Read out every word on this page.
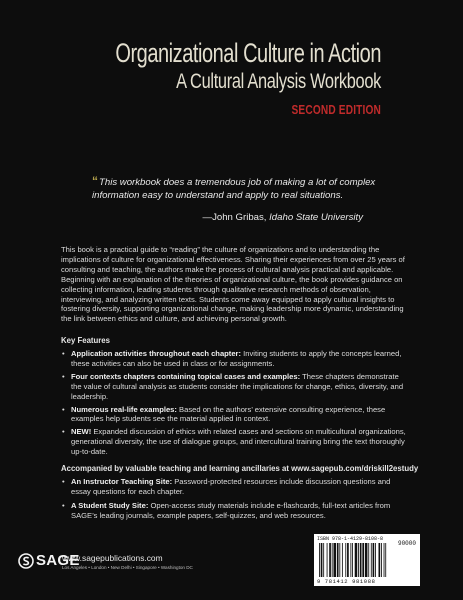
Organizational Culture in Action
A Cultural Analysis Workbook
SECOND EDITION
“This workbook does a tremendous job of making a lot of complex information easy to understand and apply to real situations.
—John Gribas, Idaho State University
This book is a practical guide to “reading” the culture of organizations and to understanding the implications of culture for organizational effectiveness. Sharing their experiences from over 25 years of consulting and teaching, the authors make the process of cultural analysis practical and applicable. Beginning with an explanation of the theories of organizational culture, the book provides guidance on collecting information, leading students through qualitative research methods of observation, interviewing, and analyzing written texts. Students come away equipped to apply cultural insights to fostering diversity, supporting organizational change, making leadership more dynamic, understanding the link between ethics and culture, and achieving personal growth.
Key Features
• Application activities throughout each chapter: Inviting students to apply the concepts learned, these activities can also be used in class or for assignments.
• Four contexts chapters containing topical cases and examples: These chapters demonstrate the value of cultural analysis as students consider the implications for change, ethics, diversity, and leadership.
• Numerous real-life examples: Based on the authors’ extensive consulting experience, these examples help students see the material applied in context.
• NEW! Expanded discussion of ethics with related cases and sections on multicultural organizations, generational diversity, the use of dialogue groups, and intercultural training bring the text thoroughly up-to-date.
Accompanied by valuable teaching and learning ancillaries at www.sagepub.com/driskill2estudy
• An Instructor Teaching Site: Password-protected resources include discussion questions and essay questions for each chapter.
• A Student Study Site: Open-access study materials include e-flashcards, full-text articles from SAGE’s leading journals, example papers, self-quizzes, and web resources.
SAGE
www.sagepublications.com
Los Angeles • London • New Delhi • Singapore • Washington DC
ISBN 978-1-4129-8108-8
90000
9 781412 981088
